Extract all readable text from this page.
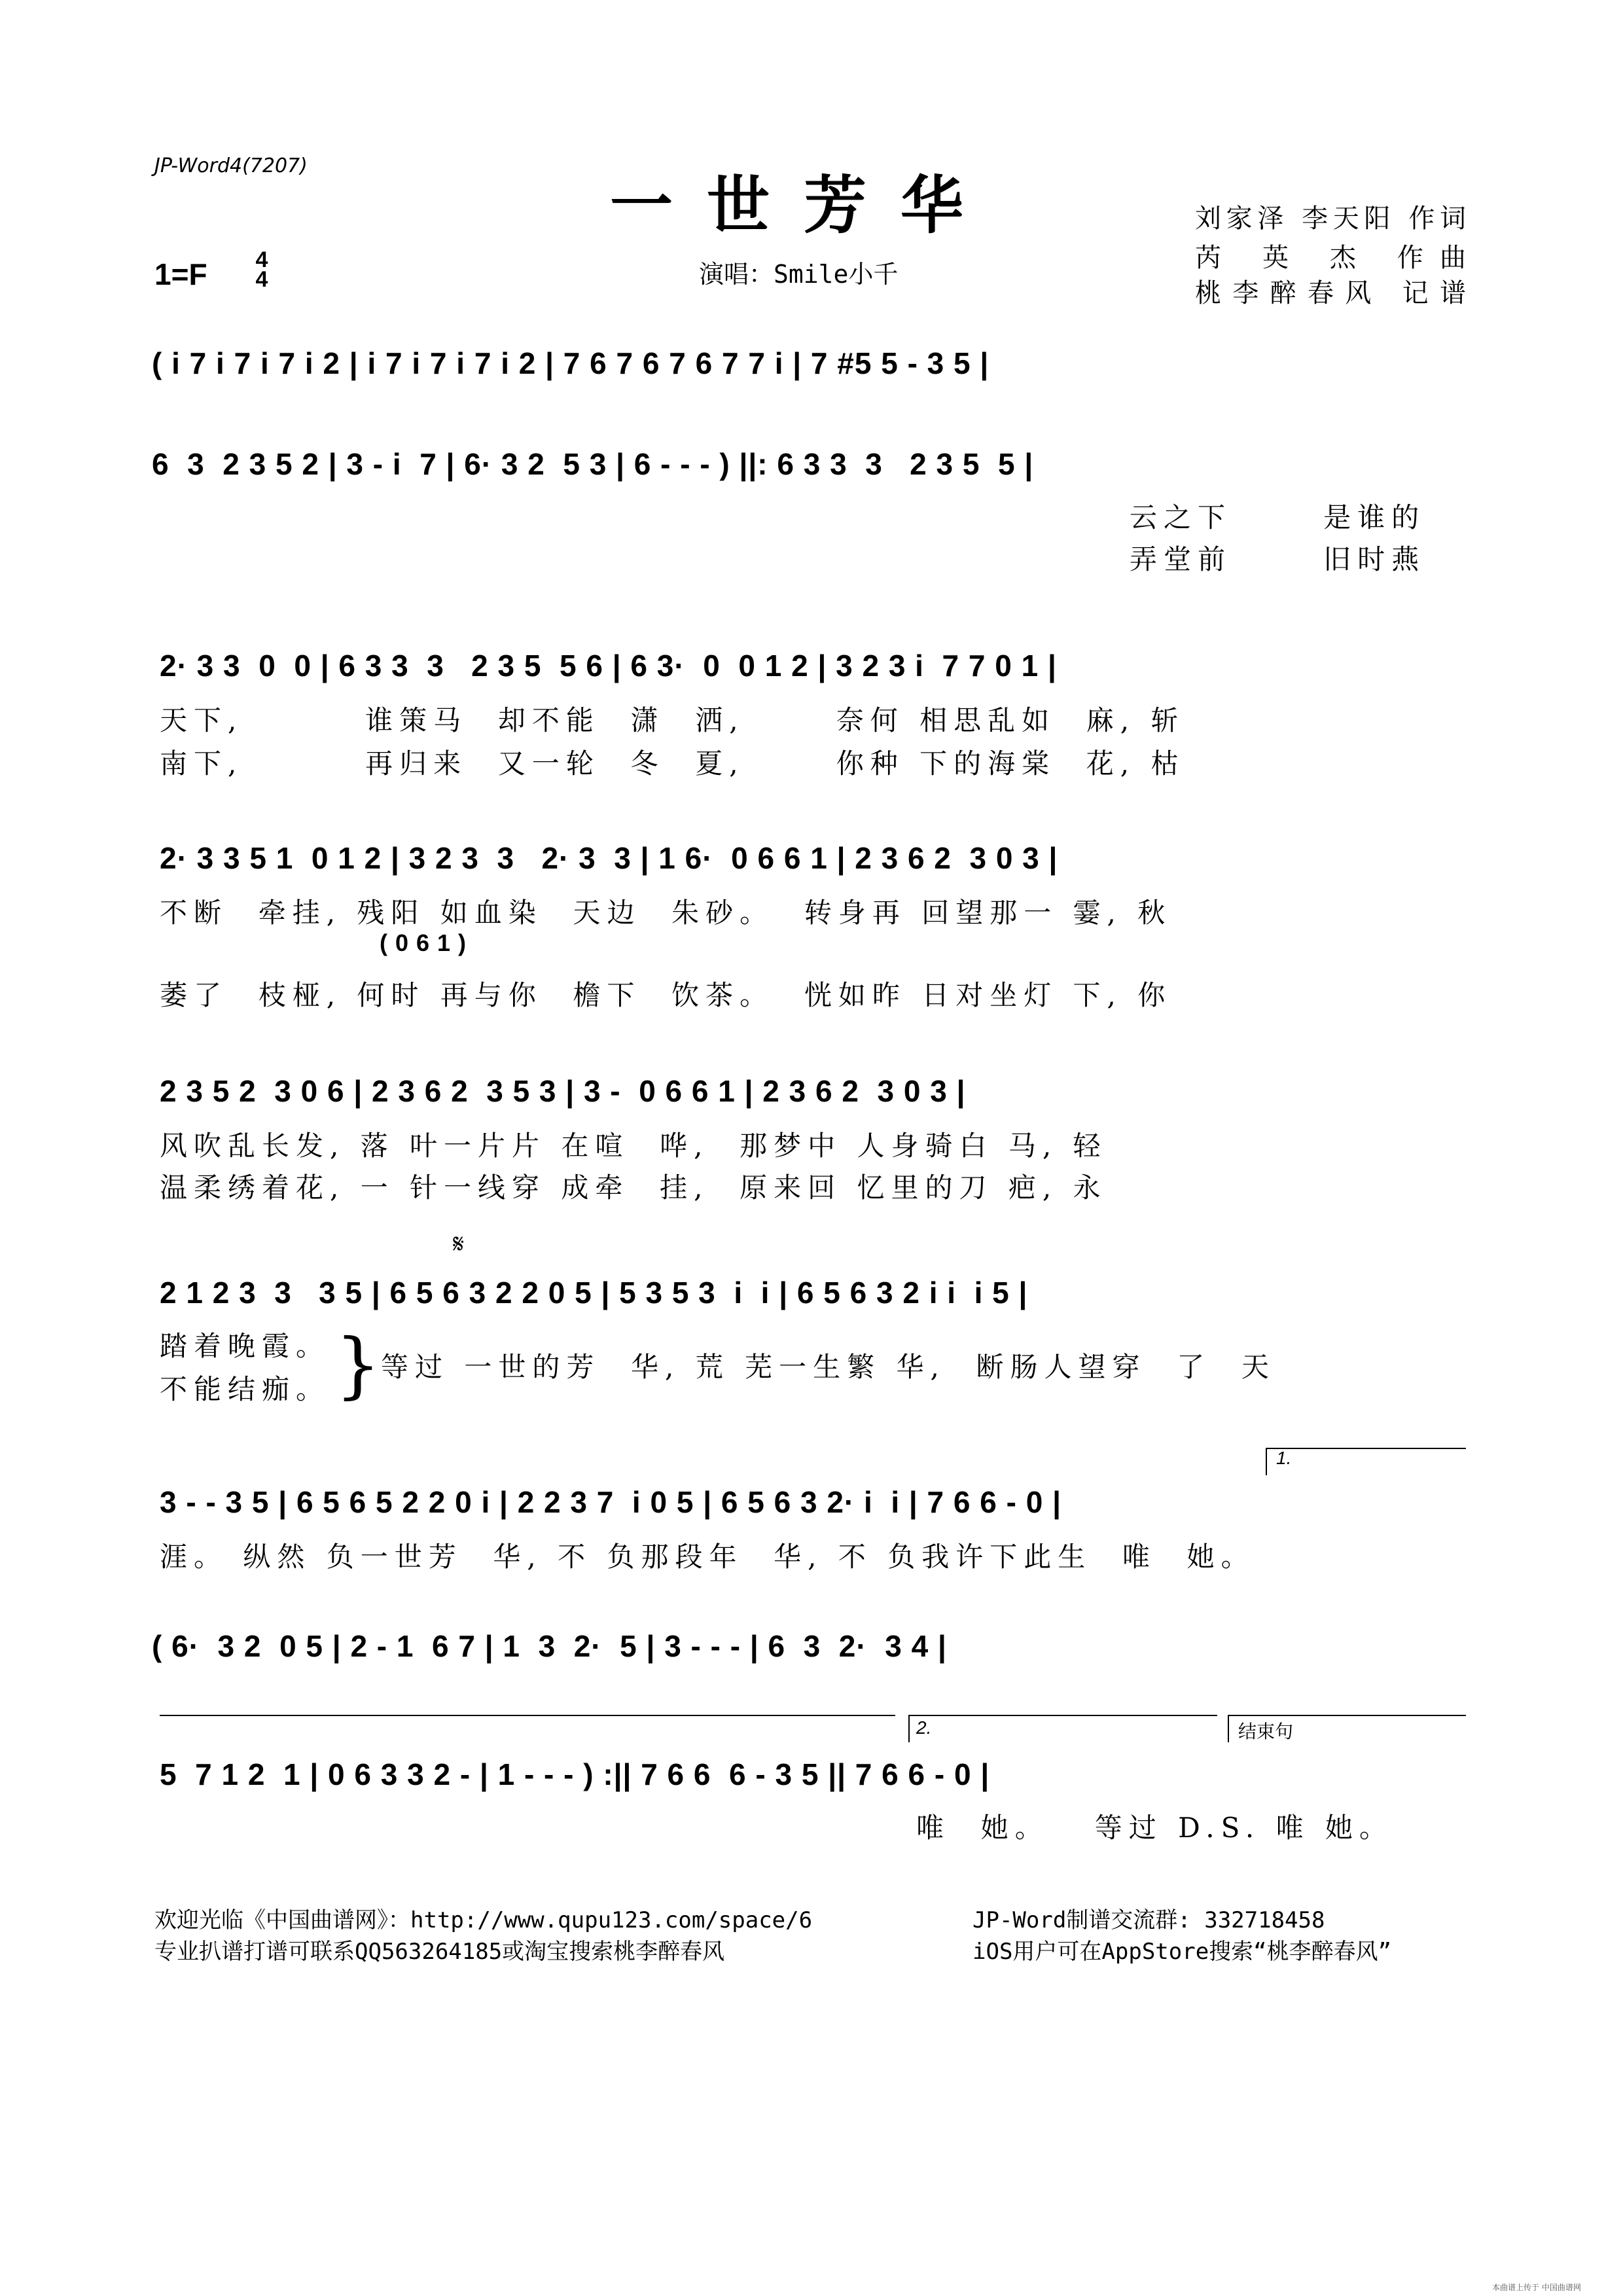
JP-Word4(7207)
一世芳华
1=F	4
4	演唱：Smile小千
刘家泽 李天阳 作词
芮 英 杰 作曲
桃李醉春风 记谱
( i 7 i 7 i 7 i 2 | i 7 i 7 i 7 i 2 | 7 6 7 6 7 6 7 7 i | 7 #5 5 - 3 5 |
6  3  2 3 5 2 | 3 - i  7 | 6· 3 2  5 3 | 6 - - - ) ||: 6 3 3  3   2 3 5  5 |
云之下      是谁的
弄堂前      旧时燕
2· 3 3  0  0 | 6 3 3  3   2 3 5  5 6 | 6 3·  0  0 1 2 | 3 2 3 i  7 7 0 1 |
天下,        谁策马  却不能  潇  洒,      奈何 相思乱如  麻, 斩
南下,        再归来  又一轮  冬  夏,      你种 下的海棠  花, 枯
2· 3 3 5 1  0 1 2 | 3 2 3  3   2· 3  3 | 1 6·  0 6 6 1 | 2 3 6 2  3 0 3 |
不断  牵挂, 残阳 如血染  天边  朱砂。  转身再 回望那一 霎, 秋
( 0 6 1 )
萎了  枝桠, 何时 再与你  檐下  饮茶。  恍如昨 日对坐灯 下, 你
2 3 5 2  3 0 6 | 2 3 6 2  3 5 3 | 3 -  0 6 6 1 | 2 3 6 2  3 0 3 |
风吹乱长发, 落 叶一片片 在喧  哗,  那梦中 人身骑白 马, 轻
温柔绣着花, 一 针一线穿 成牵  挂,  原来回 忆里的刀 疤, 永
𝄋
2 1 2 3  3   3 5 | 6 5 6 3 2 2 0 5 | 5 3 5 3  i  i | 6 5 6 3 2 i i  i 5 |
踏着晚霞。
不能结痂。 } 等过 一世的芳  华, 荒 芜一生繁 华,  断肠人望穿  了  天
1.
3 - - 3 5 | 6 5 6 5 2 2 0 i | 2 2 3 7  i 0 5 | 6 5 6 3 2· i  i | 7 6 6 - 0 |
涯。 纵然 负一世芳  华, 不 负那段年  华, 不 负我许下此生  唯  她。
( 6·  3 2  0 5 | 2 - 1  6 7 | 1  3  2·  5 | 3 - - - | 6  3  2·  3 4 |
2.	结束句
5  7 1 2  1 | 0 6 3 3 2 - | 1 - - - ) :|| 7 6 6  6 - 3 5 || 7 6 6 - 0 |
唯  她。   等过 D.S. 唯 她。
欢迎光临《中国曲谱网》：http://www.qupu123.com/space/6
专业扒谱打谱可联系QQ563264185或淘宝搜索桃李醉春风
JP-Word制谱交流群: 332718458
iOS用户可在AppStore搜索“桃李醉春风”
本曲谱上传于 中国曲谱网
